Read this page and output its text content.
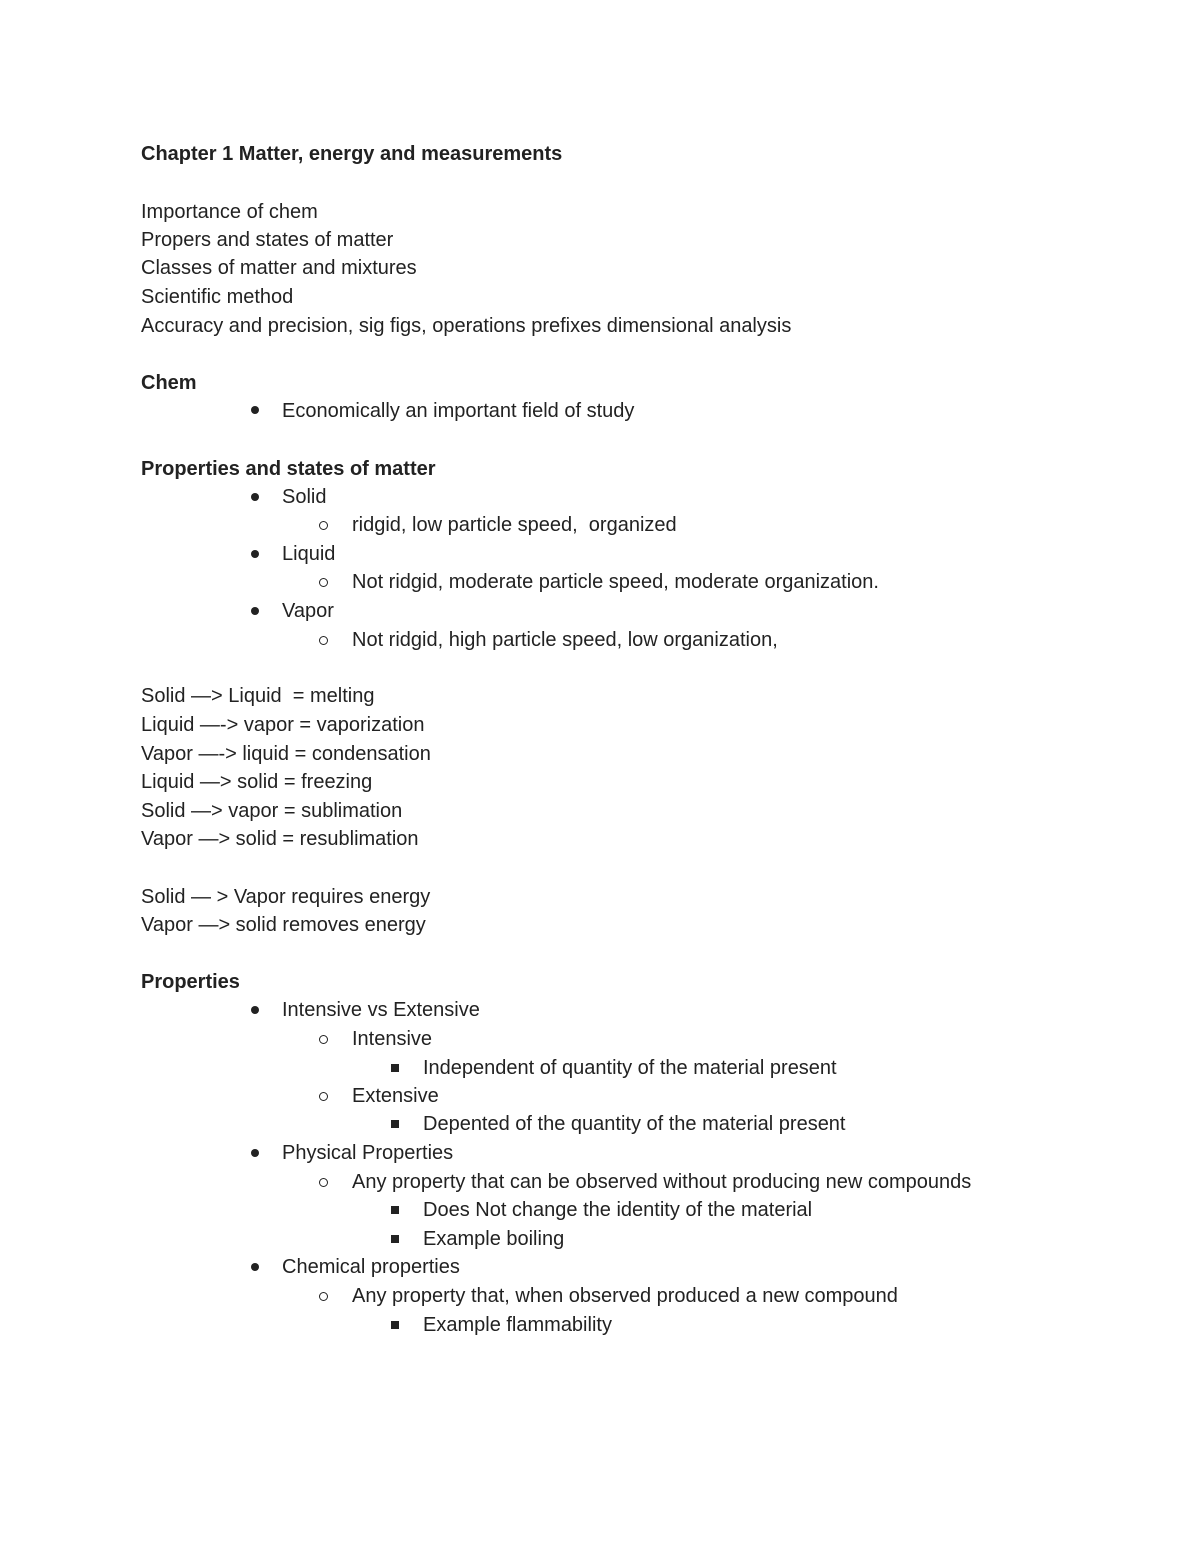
Chapter 1 Matter, energy and measurements
Importance of chem
Propers and states of matter
Classes of matter and mixtures
Scientific method
Accuracy and precision, sig figs, operations prefixes dimensional analysis
Chem
Economically an important field of study
Properties and states of matter
Solid
ridgid, low particle speed,  organized
Liquid
Not ridgid, moderate particle speed, moderate organization.
Vapor
Not ridgid, high particle speed, low organization,
Solid —> Liquid  = melting
Liquid —-> vapor = vaporization
Vapor —-> liquid = condensation
Liquid —> solid = freezing
Solid —> vapor = sublimation
Vapor —> solid = resublimation
Solid — > Vapor requires energy
Vapor —> solid removes energy
Properties
Intensive vs Extensive
Intensive
Independent of quantity of the material present
Extensive
Depented of the quantity of the material present
Physical Properties
Any property that can be observed without producing new compounds
Does Not change the identity of the material
Example boiling
Chemical properties
Any property that, when observed produced a new compound
Example flammability
